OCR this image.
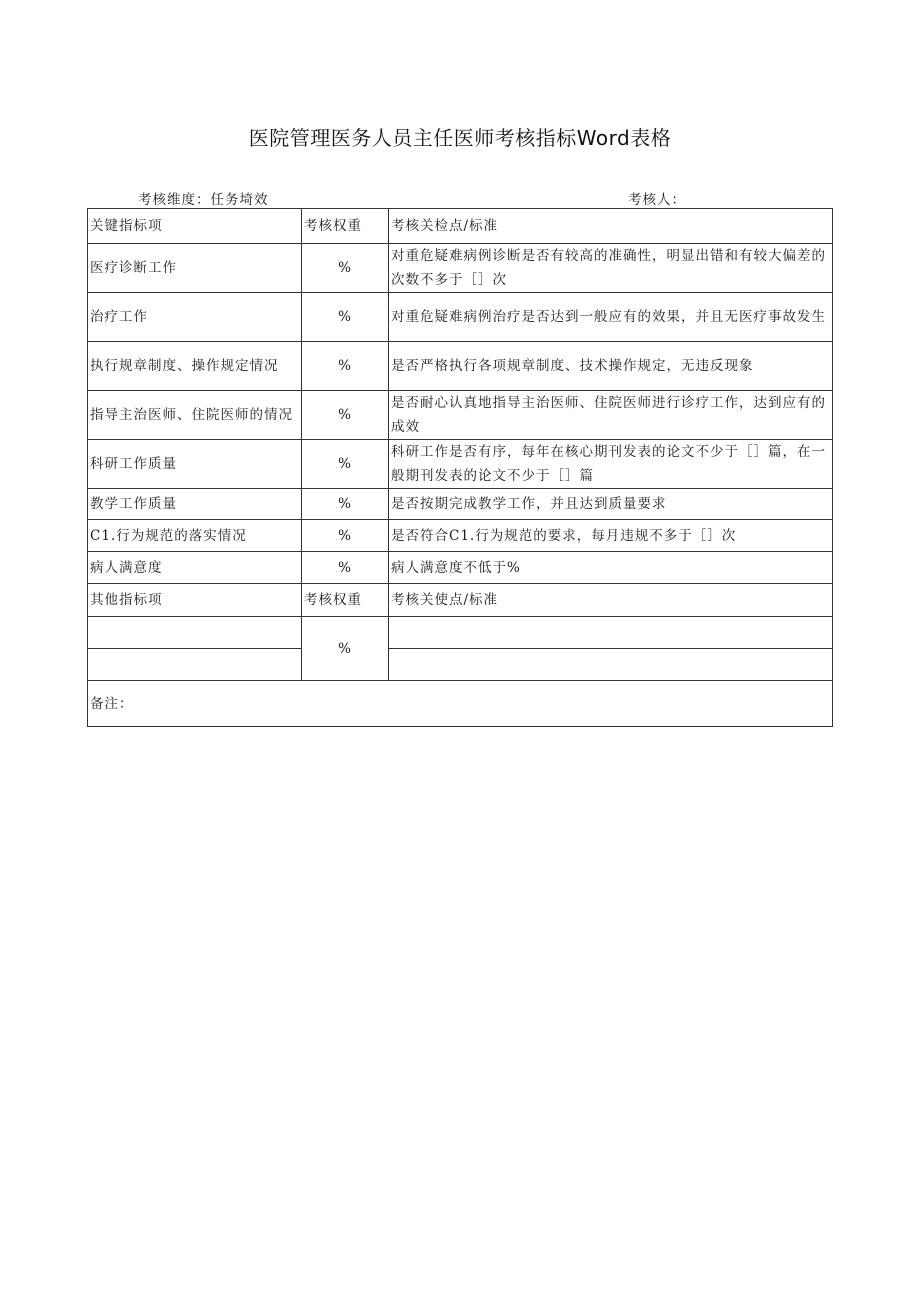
医院管理医务人员主任医师考核指标Word表格
考核维度：任务埼效	考核人：
关键指标项	考核权重	考核关检点/标准
医疗诊断工作	%	对重危疑难病例诊断是否有较高的准确性，明显出错和有较大偏差的次数不多于［］次
治疗工作	%	对重危疑难病例治疗是否达到一般应有的效果，并且无医疗事故发生
执行规章制度、操作规定情况	%	是否严格执行各项规章制度、技术操作规定，无违反现象
指导主治医师、住院医师的情况	%	是否耐心认真地指导主治医师、住院医师进行诊疗工作，达到应有的成效
科研工作质量	%	科研工作是否有序，每年在核心期刊发表的论文不少于［］篇，在一般期刊发表的论文不少于［］篇
教学工作质量	%	是否按期完成教学工作，并且达到质量要求
C1.行为规范的落实情况	%	是否符合C1.行为规范的要求，每月违规不多于［］次
病人满意度	%	病人满意度不低于%
其他指标项	考核权重	考核关使点/标准
	%	

备注：		
